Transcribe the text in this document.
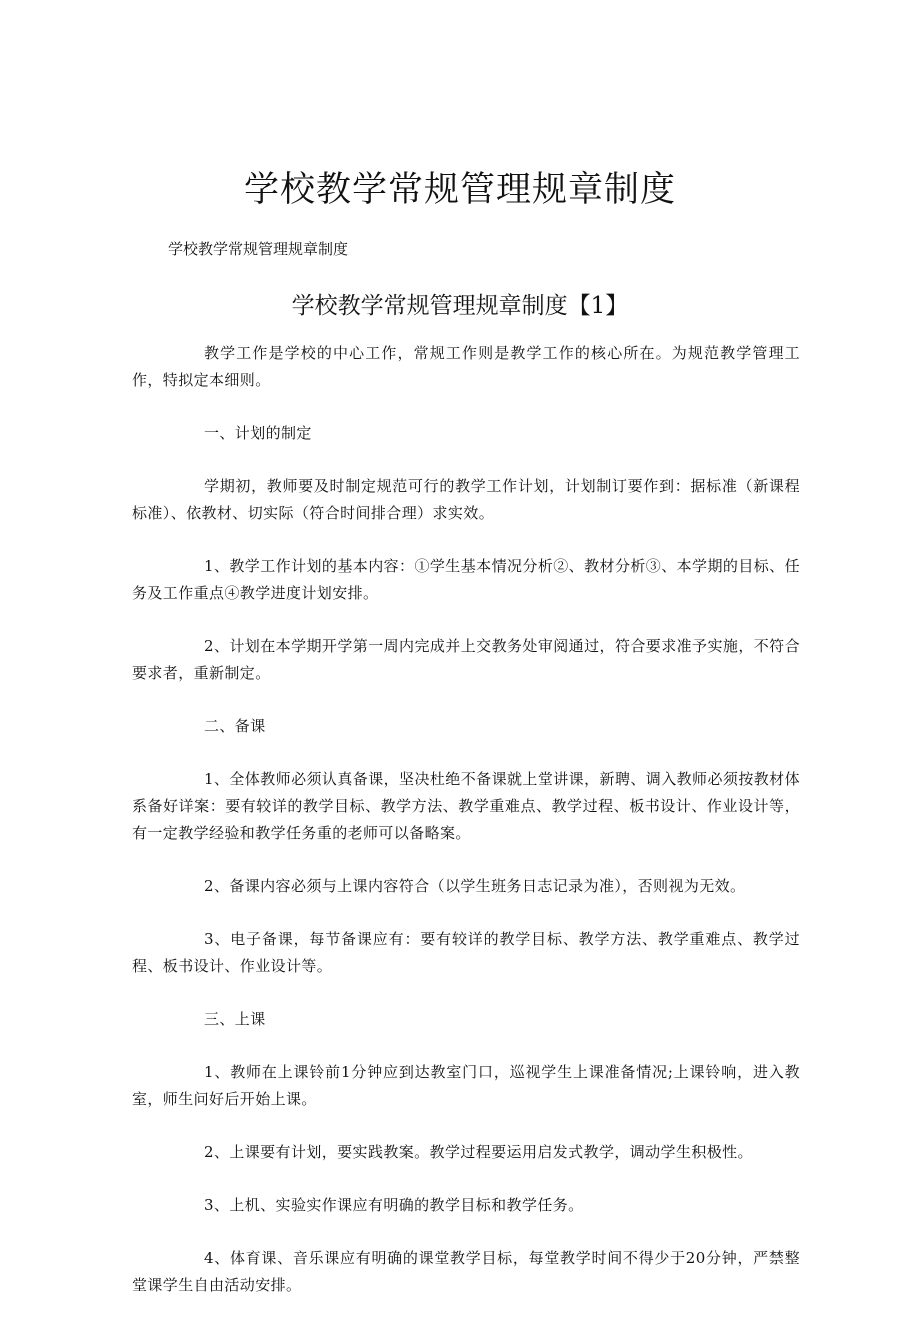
学校教学常规管理规章制度
学校教学常规管理规章制度
学校教学常规管理规章制度【1】

教学工作是学校的中心工作，常规工作则是教学工作的核心所在。为规范教学管理工作，特拟定本细则。

一、计划的制定

学期初，教师要及时制定规范可行的教学工作计划，计划制订要作到：据标准（新课程标准）、依教材、切实际（符合时间排合理）求实效。

1、教学工作计划的基本内容：①学生基本情况分析②、教材分析③、本学期的目标、任务及工作重点④教学进度计划安排。

2、计划在本学期开学第一周内完成并上交教务处审阅通过，符合要求准予实施，不符合要求者，重新制定。

二、备课

1、全体教师必须认真备课，坚决杜绝不备课就上堂讲课，新聘、调入教师必须按教材体系备好详案：要有较详的教学目标、教学方法、教学重难点、教学过程、板书设计、作业设计等，有一定教学经验和教学任务重的老师可以备略案。

2、备课内容必须与上课内容符合（以学生班务日志记录为准），否则视为无效。

3、电子备课，每节备课应有：要有较详的教学目标、教学方法、教学重难点、教学过程、板书设计、作业设计等。

三、上课

1、教师在上课铃前1分钟应到达教室门口，巡视学生上课准备情况;上课铃响，进入教室，师生问好后开始上课。

2、上课要有计划，要实践教案。教学过程要运用启发式教学，调动学生积极性。

3、上机、实验实作课应有明确的教学目标和教学任务。

4、体育课、音乐课应有明确的课堂教学目标，每堂教学时间不得少于20分钟，严禁整堂课学生自由活动安排。
